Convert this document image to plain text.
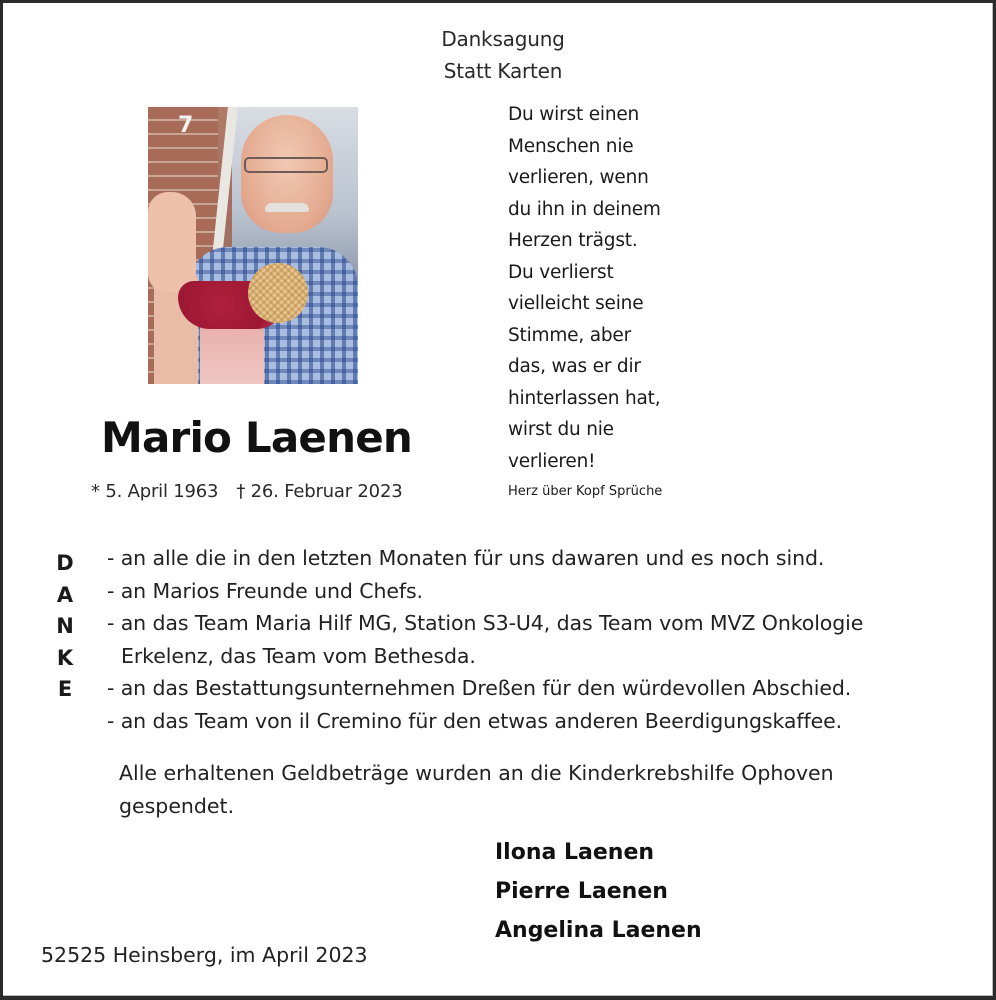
Danksagung
Statt Karten
7
Mario Laenen
* 5. April 1963 † 26. Februar 2023
Du wirst einen
Menschen nie
verlieren, wenn
du ihn in deinem
Herzen trägst.
Du verlierst
vielleicht seine
Stimme, aber
das, was er dir
hinterlassen hat,
wirst du nie
verlieren!
Herz über Kopf Sprüche
D
A
N
K
E
- an alle die in den letzten Monaten für uns dawaren und es noch sind.
- an Marios Freunde und Chefs.
- an das Team Maria Hilf MG, Station S3-U4, das Team vom MVZ Onkologie
Erkelenz, das Team vom Bethesda.
- an das Bestattungsunternehmen Dreßen für den würdevollen Abschied.
- an das Team von il Cremino für den etwas anderen Beerdigungskaffee.
Alle erhaltenen Geldbeträge wurden an die Kinderkrebshilfe Ophoven
gespendet.
Ilona Laenen
Pierre Laenen
Angelina Laenen
52525 Heinsberg, im April 2023
